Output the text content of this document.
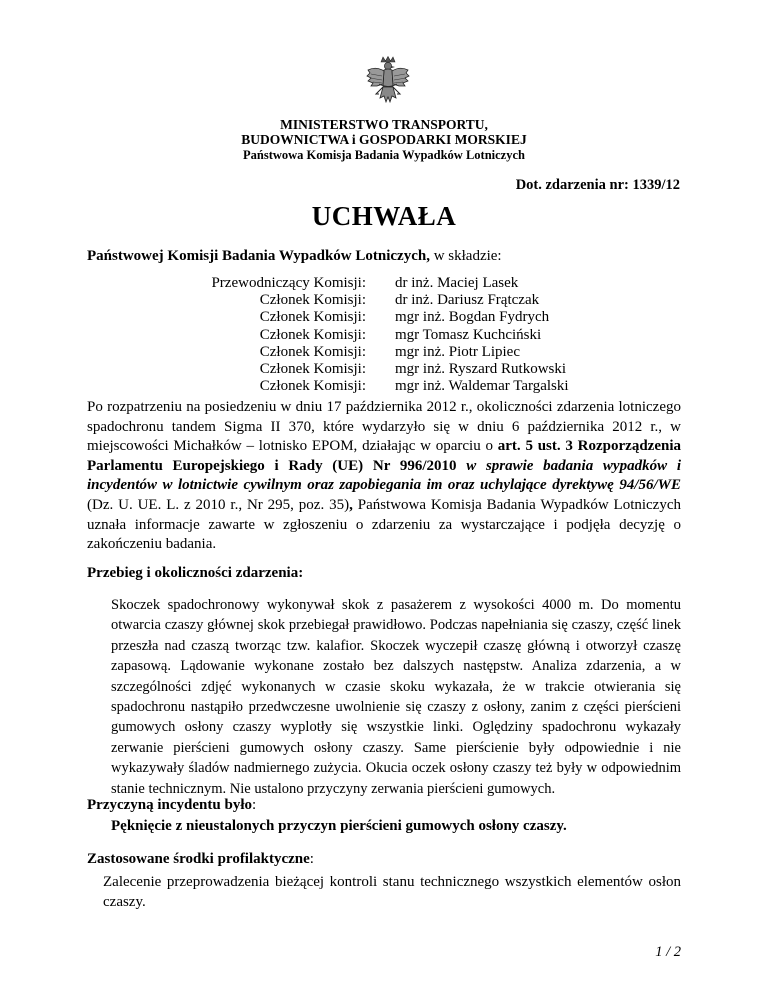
MINISTERSTWO TRANSPORTU,
BUDOWNICTWA i GOSPODARKI MORSKIEJ
Państwowa Komisja Badania Wypadków Lotniczych
Dot. zdarzenia nr: 1339/12
UCHWAŁA
Państwowej Komisji Badania Wypadków Lotniczych, w składzie:
Przewodniczący Komisji: dr inż. Maciej Lasek
Członek Komisji: dr inż. Dariusz Frątczak
Członek Komisji: mgr inż. Bogdan Fydrych
Członek Komisji: mgr Tomasz Kuchciński
Członek Komisji: mgr inż. Piotr Lipiec
Członek Komisji: mgr inż. Ryszard Rutkowski
Członek Komisji: mgr inż. Waldemar Targalski
Po rozpatrzeniu na posiedzeniu w dniu 17 października 2012 r., okoliczności zdarzenia lotniczego spadochronu tandem Sigma II 370, które wydarzyło się w dniu 6 października 2012 r., w miejscowości Michałków – lotnisko EPOM, działając w oparciu o art. 5 ust. 3 Rozporządzenia Parlamentu Europejskiego i Rady (UE) Nr 996/2010 w sprawie badania wypadków i incydentów w lotnictwie cywilnym oraz zapobiegania im oraz uchylające dyrektywę 94/56/WE (Dz. U. UE. L. z 2010 r., Nr 295, poz. 35), Państwowa Komisja Badania Wypadków Lotniczych uznała informacje zawarte w zgłoszeniu o zdarzeniu za wystarczające i podjęła decyzję o zakończeniu badania.
Przebieg i okoliczności zdarzenia:
Skoczek spadochronowy wykonywał skok z pasażerem z wysokości 4000 m. Do momentu otwarcia czaszy głównej skok przebiegał prawidłowo. Podczas napełniania się czaszy, część linek przeszła nad czaszą tworząc tzw. kalafior. Skoczek wyczepił czaszę główną i otworzył czaszę zapasową. Lądowanie wykonane zostało bez dalszych następstw. Analiza zdarzenia, a w szczególności zdjęć wykonanych w czasie skoku wykazała, że w trakcie otwierania się spadochronu nastąpiło przedwczesne uwolnienie się czaszy z osłony, zanim z części pierścieni gumowych osłony czaszy wyplotły się wszystkie linki. Oględziny spadochronu wykazały zerwanie pierścieni gumowych osłony czaszy. Same pierścienie były odpowiednie i nie wykazywały śladów nadmiernego zużycia. Okucia oczek osłony czaszy też były w odpowiednim stanie technicznym. Nie ustalono przyczyny zerwania pierścieni gumowych.
Przyczyną incydentu było:
Pęknięcie z nieustalonych przyczyn pierścieni gumowych osłony czaszy.
Zastosowane środki profilaktyczne:
Zalecenie przeprowadzenia bieżącej kontroli stanu technicznego wszystkich elementów osłon czaszy.
1 / 2
